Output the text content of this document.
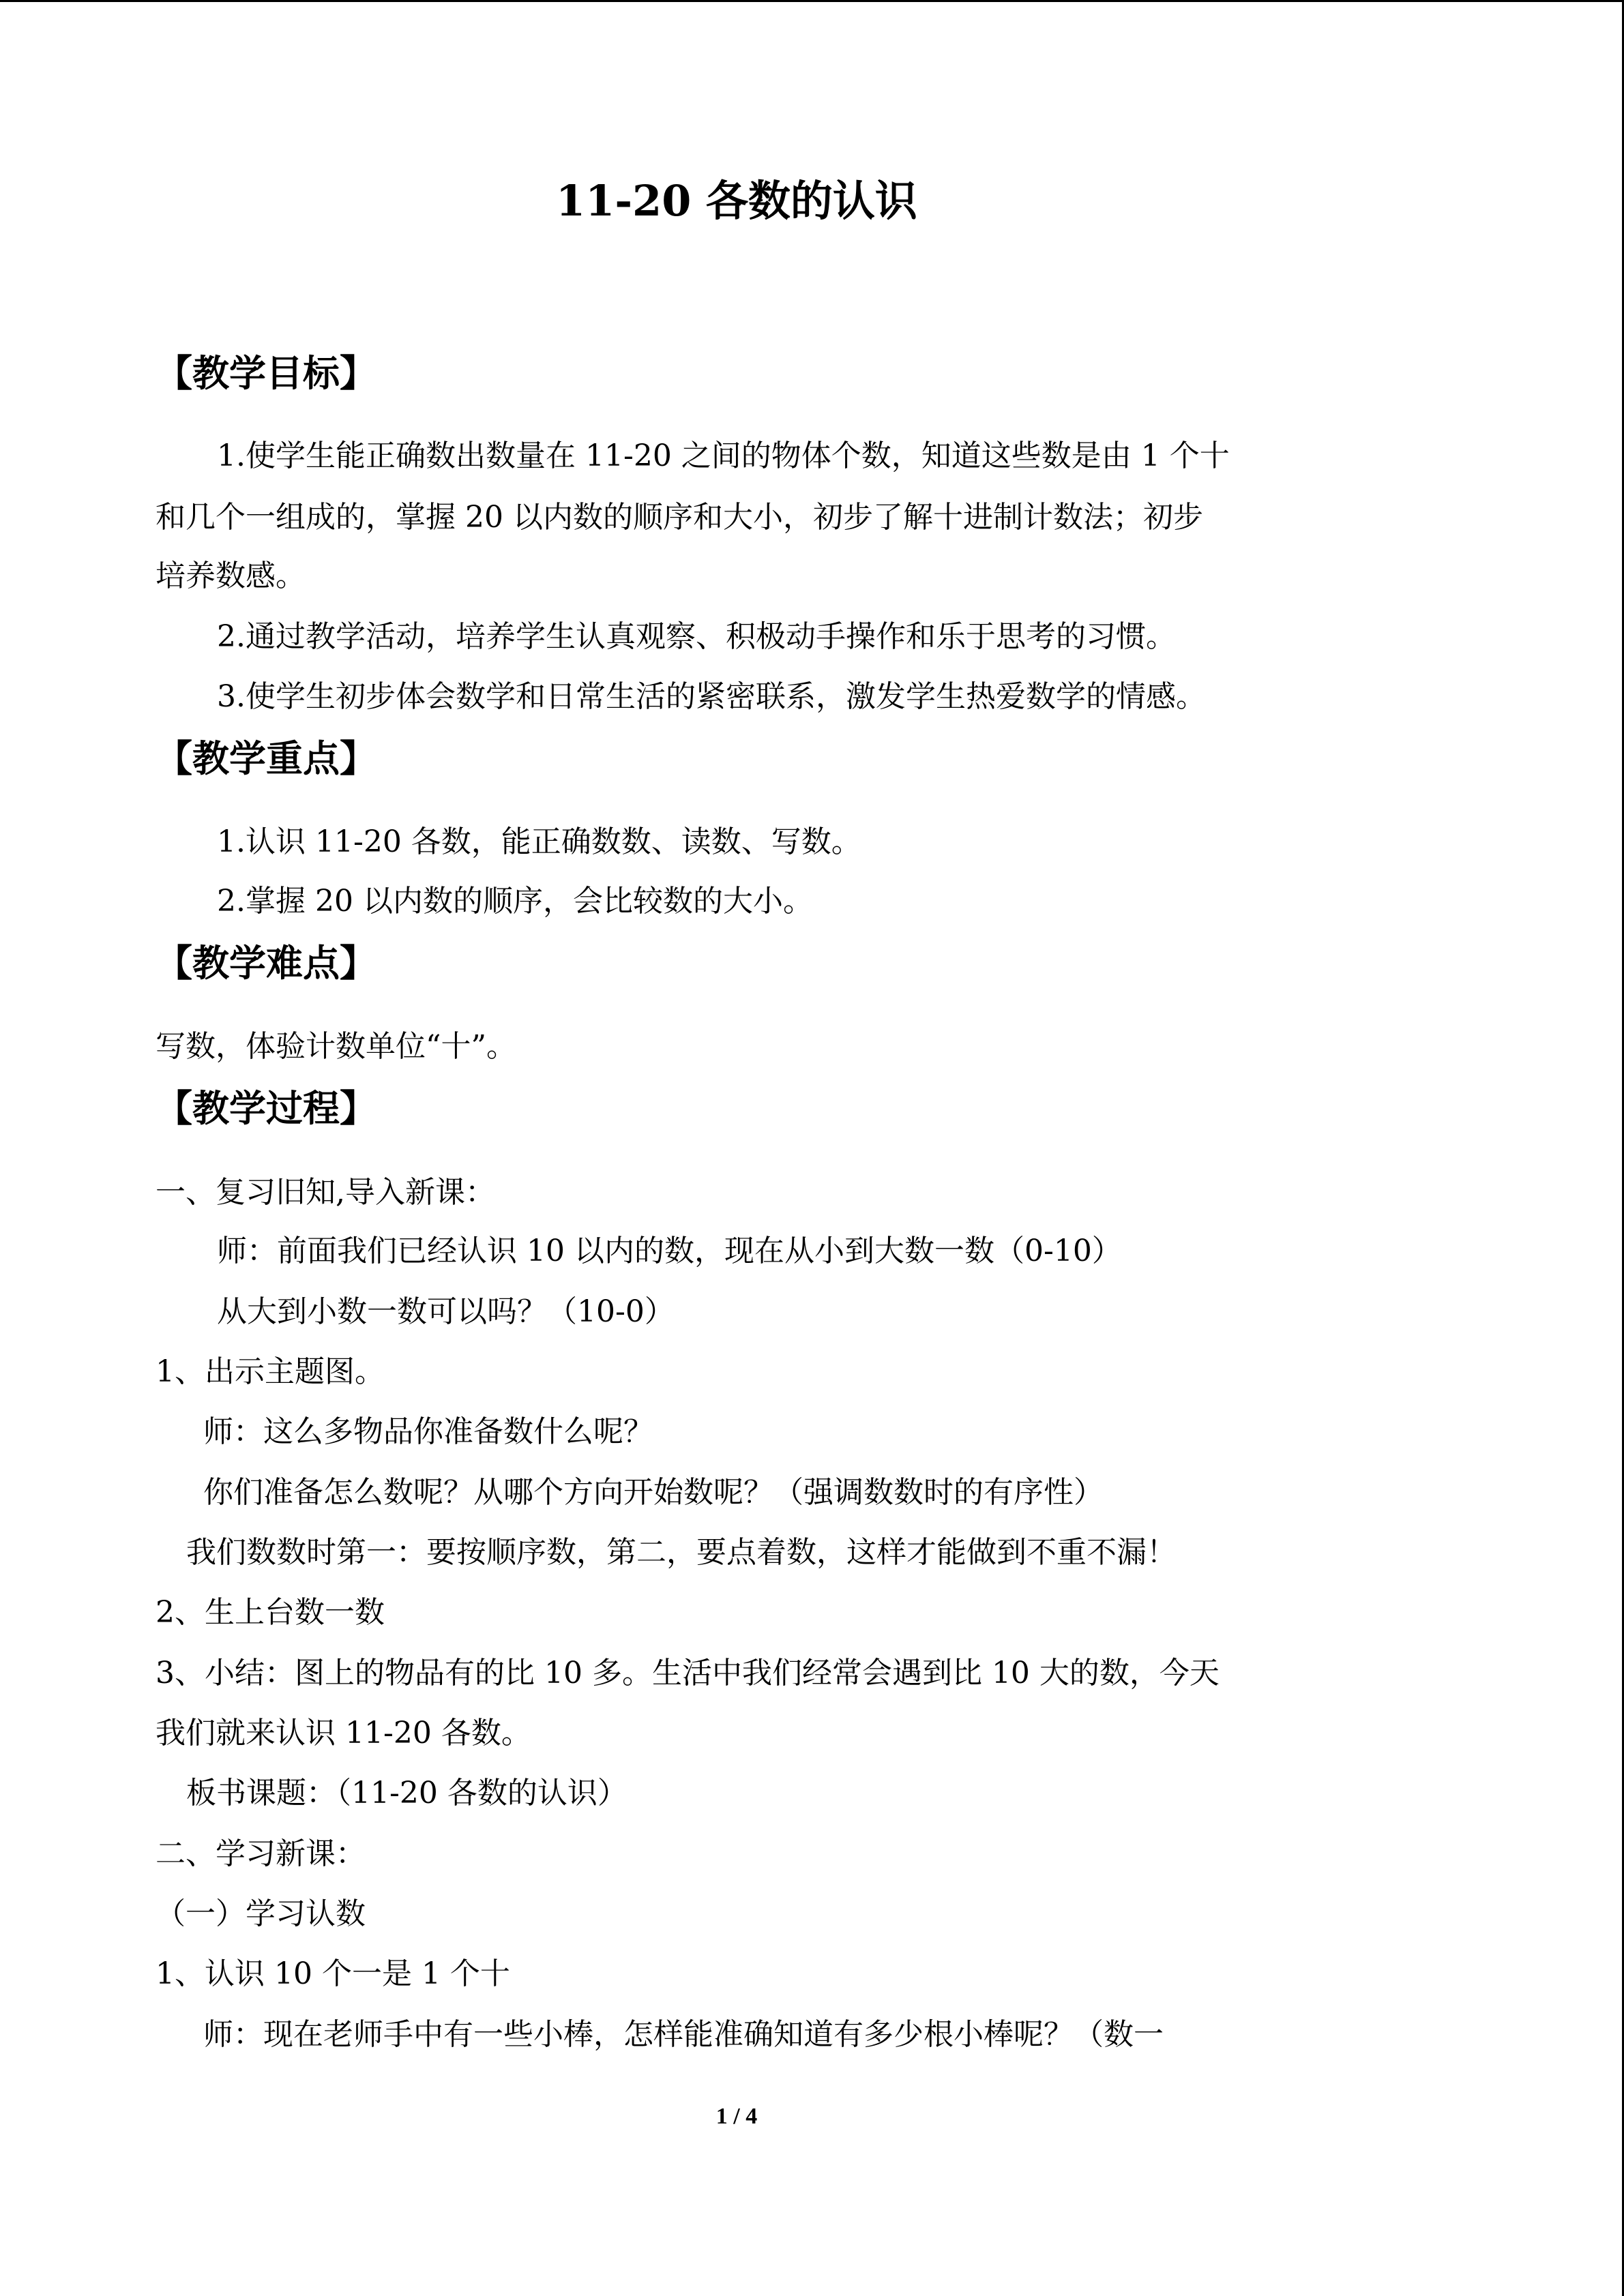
11-20 各数的认识
【教学目标】
1.使学生能正确数出数量在 11-20 之间的物体个数，知道这些数是由 1 个十
和几个一组成的，掌握 20 以内数的顺序和大小，初步了解十进制计数法；初步
培养数感。
2.通过教学活动，培养学生认真观察、积极动手操作和乐于思考的习惯。
3.使学生初步体会数学和日常生活的紧密联系，激发学生热爱数学的情感。
【教学重点】
1.认识 11-20 各数，能正确数数、读数、写数。
2.掌握 20 以内数的顺序，会比较数的大小。
【教学难点】
写数，体验计数单位“十”。
【教学过程】
一、复习旧知,导入新课：
师：前面我们已经认识 10 以内的数，现在从小到大数一数（0-10）
从大到小数一数可以吗？（10-0）
1、出示主题图。
师：这么多物品你准备数什么呢？
你们准备怎么数呢？从哪个方向开始数呢？（强调数数时的有序性）
我们数数时第一：要按顺序数，第二，要点着数，这样才能做到不重不漏！
2、生上台数一数
3、小结：图上的物品有的比 10 多。生活中我们经常会遇到比 10 大的数，今天
我们就来认识 11-20 各数。
板书课题：（11-20 各数的认识）
二、学习新课：
（一）学习认数
1、认识 10 个一是 1 个十
师：现在老师手中有一些小棒，怎样能准确知道有多少根小棒呢？（数一
1 / 4
